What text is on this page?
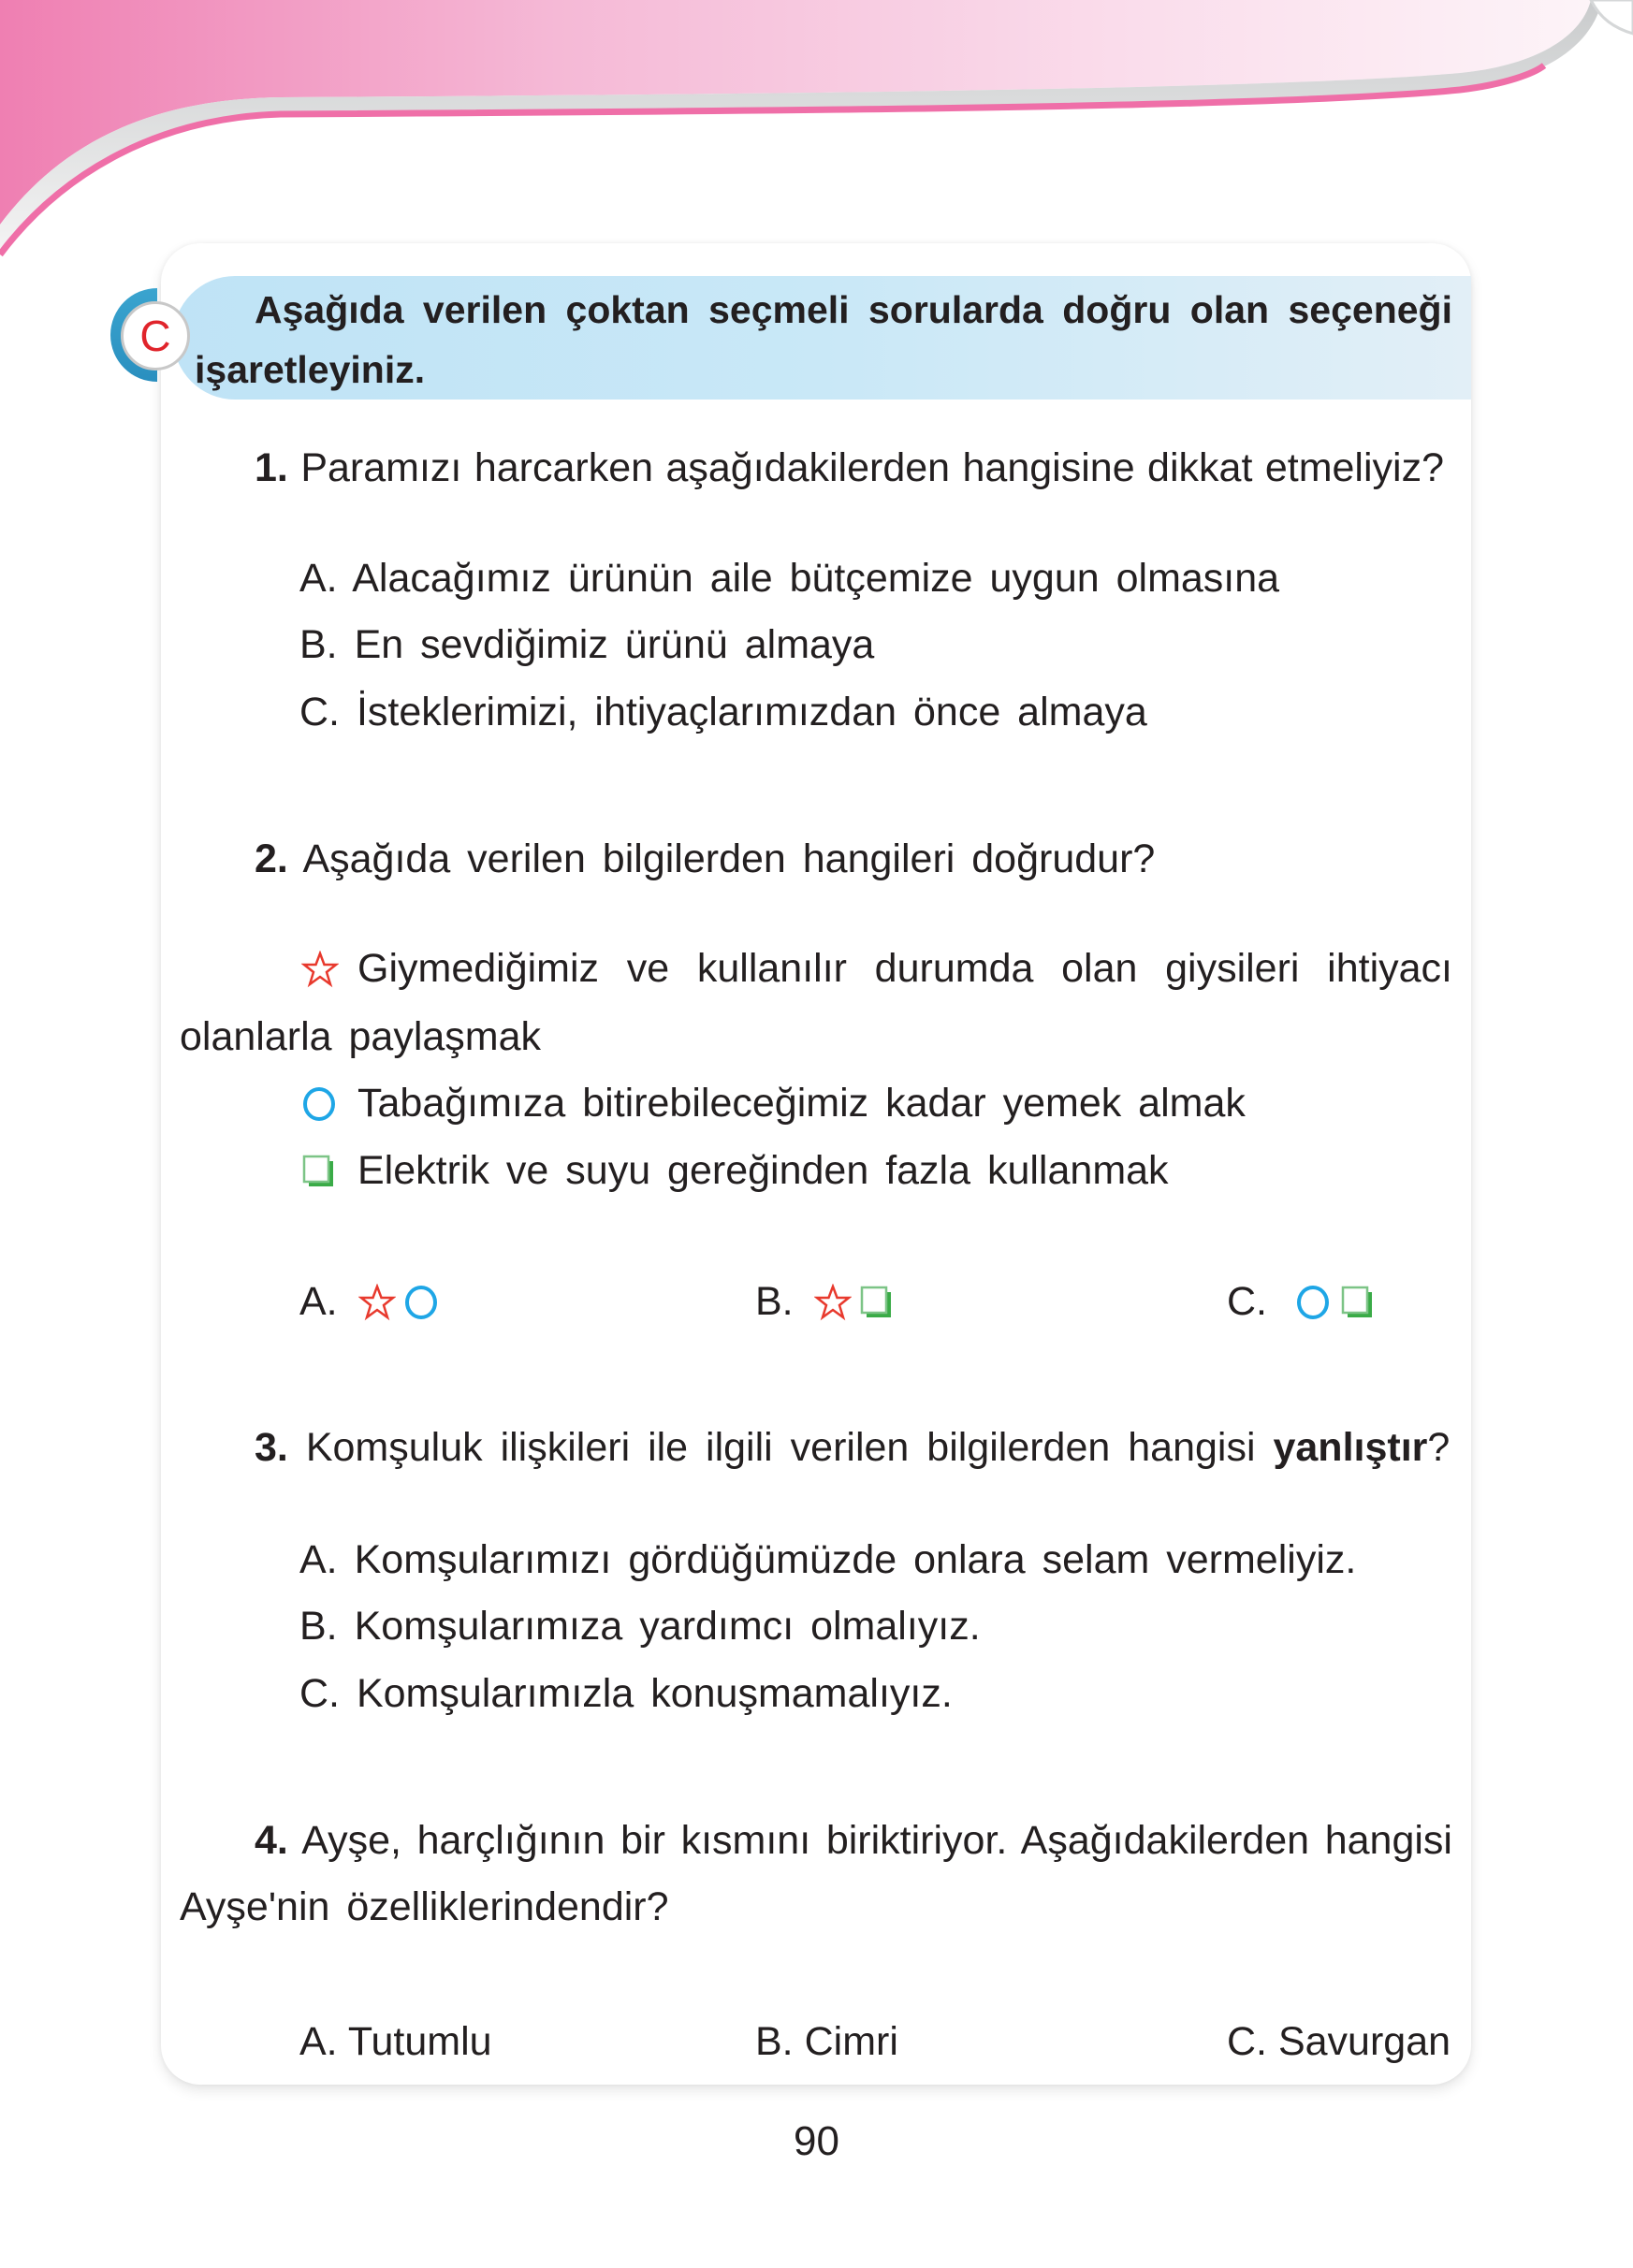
C
Aşağıda verilen çoktan seçmeli sorularda doğru olan seçeneği
işaretleyiniz.
1. Paramızı harcarken aşağıdakilerden hangisine dikkat etmeliyiz?
A. Alacağımız ürünün aile bütçemize uygun olmasına
B. En sevdiğimiz ürünü almaya
C. İsteklerimizi, ihtiyaçlarımızdan önce almaya
2. Aşağıda verilen bilgilerden hangileri doğrudur?
Giymediğimiz ve kullanılır durumda olan giysileri ihtiyacı
olanlarla paylaşmak
Tabağımıza bitirebileceğimiz kadar yemek almak
Elektrik ve suyu gereğinden fazla kullanmak
A.	B.	C.
3. Komşuluk ilişkileri ile ilgili verilen bilgilerden hangisi yanlıştır?
A. Komşularımızı gördüğümüzde onlara selam vermeliyiz.
B. Komşularımıza yardımcı olmalıyız.
C. Komşularımızla konuşmamalıyız.
4. Ayşe, harçlığının bir kısmını biriktiriyor. Aşağıdakilerden hangisi
Ayşe'nin özelliklerindendir?
A. Tutumlu	B. Cimri	C. Savurgan
90
